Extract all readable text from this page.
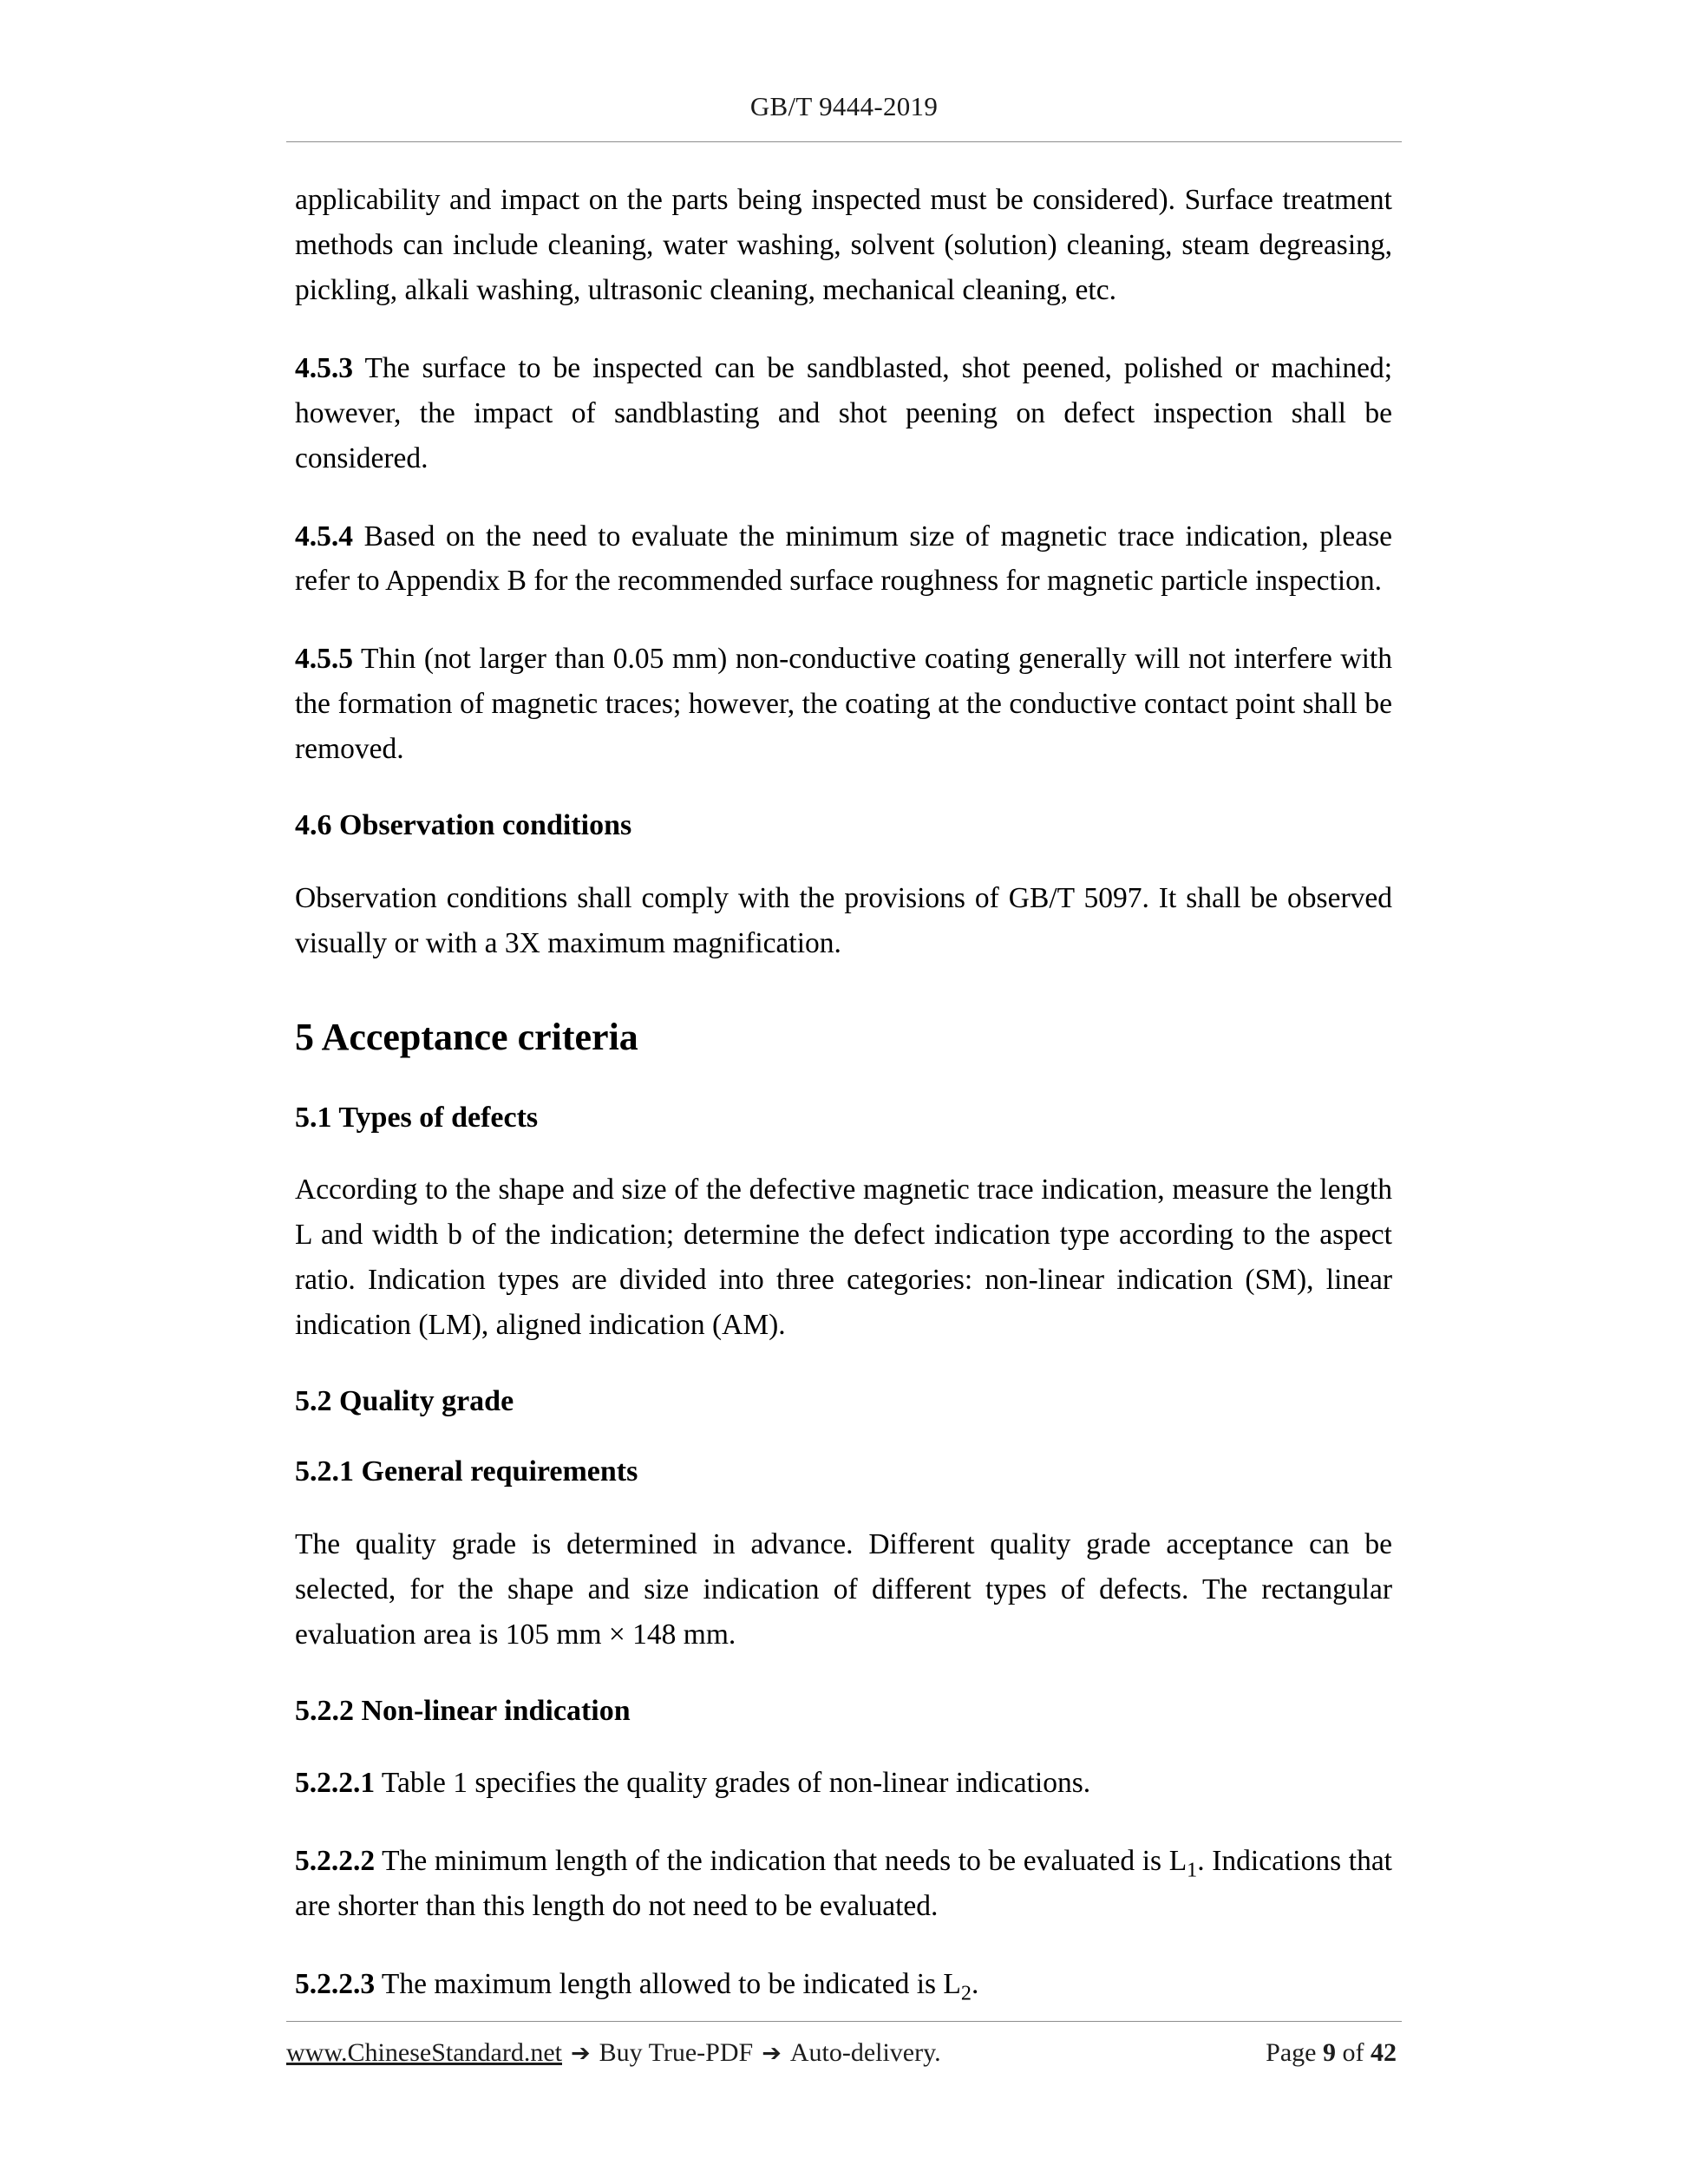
GB/T 9444-2019

applicability and impact on the parts being inspected must be considered). Surface treatment methods can include cleaning, water washing, solvent (solution) cleaning, steam degreasing, pickling, alkali washing, ultrasonic cleaning, mechanical cleaning, etc.

4.5.3 The surface to be inspected can be sandblasted, shot peened, polished or machined; however, the impact of sandblasting and shot peening on defect inspection shall be considered.

4.5.4 Based on the need to evaluate the minimum size of magnetic trace indication, please refer to Appendix B for the recommended surface roughness for magnetic particle inspection.

4.5.5 Thin (not larger than 0.05 mm) non-conductive coating generally will not interfere with the formation of magnetic traces; however, the coating at the conductive contact point shall be removed.

4.6 Observation conditions

Observation conditions shall comply with the provisions of GB/T 5097. It shall be observed visually or with a 3X maximum magnification.

5 Acceptance criteria
5.1 Types of defects

According to the shape and size of the defective magnetic trace indication, measure the length L and width b of the indication; determine the defect indication type according to the aspect ratio. Indication types are divided into three categories: non-linear indication (SM), linear indication (LM), aligned indication (AM).

5.2 Quality grade
5.2.1 General requirements

The quality grade is determined in advance. Different quality grade acceptance can be selected, for the shape and size indication of different types of defects. The rectangular evaluation area is 105 mm × 148 mm.

5.2.2 Non-linear indication

5.2.2.1 Table 1 specifies the quality grades of non-linear indications.

5.2.2.2 The minimum length of the indication that needs to be evaluated is $L_1$. Indications that are shorter than this length do not need to be evaluated.

5.2.2.3 The maximum length allowed to be indicated is $L_2$.

www.ChineseStandard.net ➔ Buy True-PDF ➔ Auto-delivery.	Page 9 of 42
